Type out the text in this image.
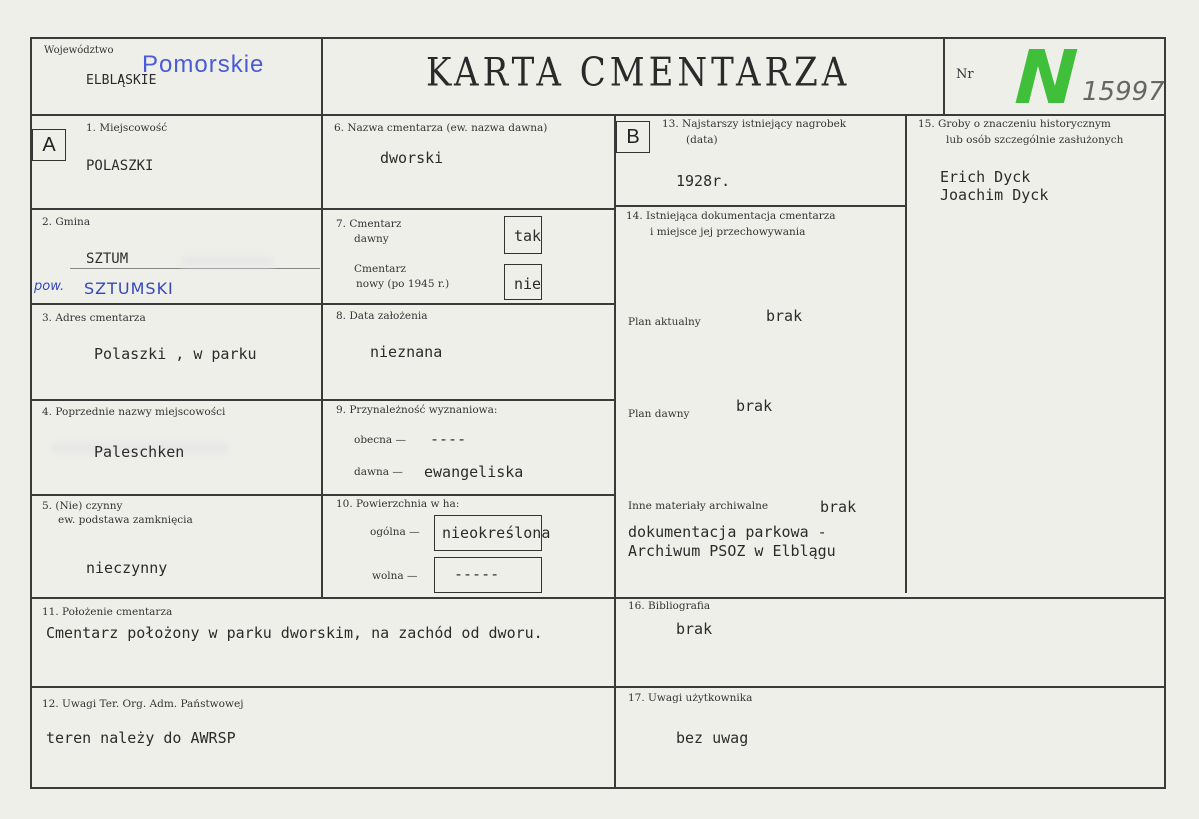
Województwo
Pomorskie
ELBLĄSKIE	KARTA CMENTARZA	Nr N
15997
A	B
1. Miejscowość
POLASZKI
2. Gmina
SZTUM
pow. SZTUMSKI
3. Adres cmentarza
Polaszki , w parku
4. Poprzednie nazwy miejscowości
Paleschken
5. (Nie) czynny
ew. podstawa zamknięcia
nieczynny
6. Nazwa cmentarza (ew. nazwa dawna)
dworski
7. Cmentarz
dawny	tak
Cmentarz
nowy (po 1945 r.)	nie
8. Data założenia
nieznana
9. Przynależność wyznaniowa:
obecna — ----
dawna — ewangeliska
10. Powierzchnia w ha:
ogólna — nieokreślona
wolna — -----
13. Najstarszy istniejący nagrobek
(data)
1928r.
14. Istniejąca dokumentacja cmentarza
i miejsce jej przechowywania
Plan aktualny	brak
Plan dawny	brak
Inne materiały archiwalne	brak
dokumentacja parkowa -
Archiwum PSOZ w Elblągu
15. Groby o znaczeniu historycznym
lub osób szczególnie zasłużonych
Erich Dyck
Joachim Dyck
11. Położenie cmentarza
Cmentarz położony w parku dworskim, na zachód od dworu.
12. Uwagi Ter. Org. Adm. Państwowej
teren należy do AWRSP
16. Bibliografia
brak
17. Uwagi użytkownika
bez uwag
